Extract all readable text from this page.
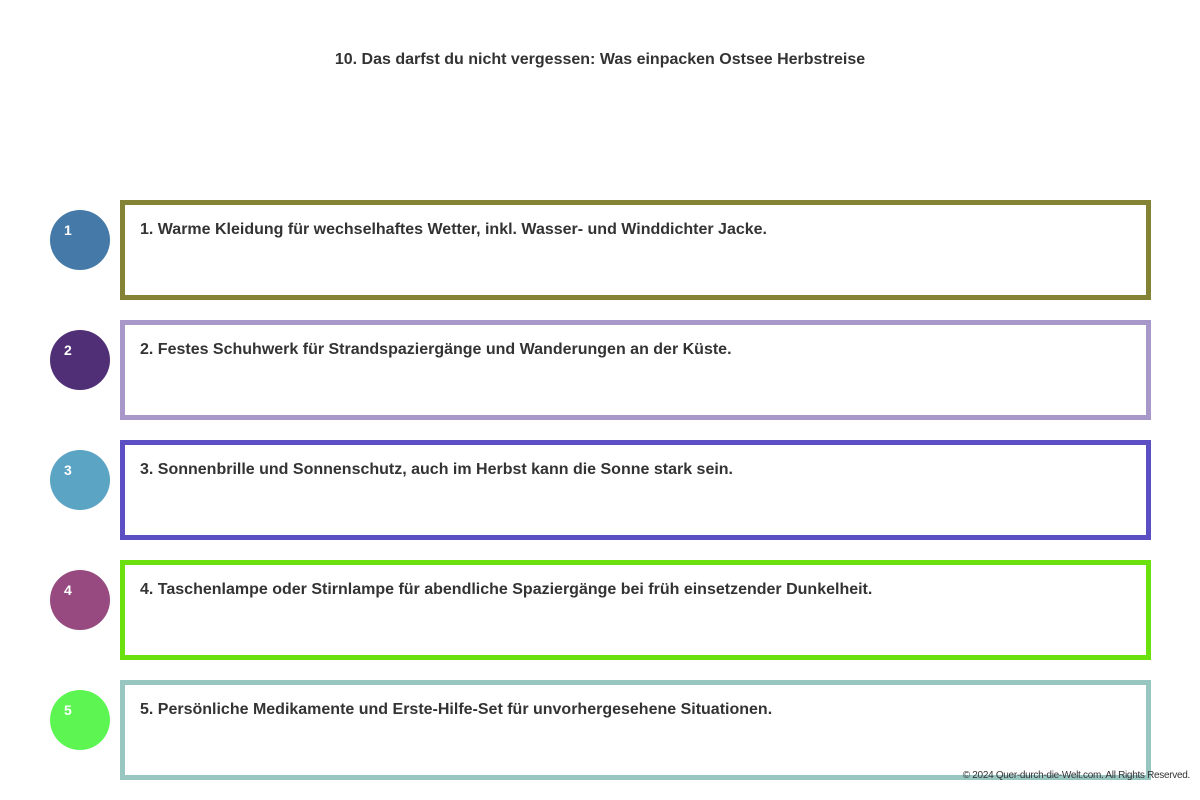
10. Das darfst du nicht vergessen: Was einpacken Ostsee Herbstreise
1	1. Warme Kleidung für wechselhaftes Wetter, inkl. Wasser- und Winddichter Jacke.
2	2. Festes Schuhwerk für Strandspaziergänge und Wanderungen an der Küste.
3	3. Sonnenbrille und Sonnenschutz, auch im Herbst kann die Sonne stark sein.
4	4. Taschenlampe oder Stirnlampe für abendliche Spaziergänge bei früh einsetzender Dunkelheit.
5	5. Persönliche Medikamente und Erste-Hilfe-Set für unvorhergesehene Situationen.
© 2024 Quer-durch-die-Welt.com. All Rights Reserved.
